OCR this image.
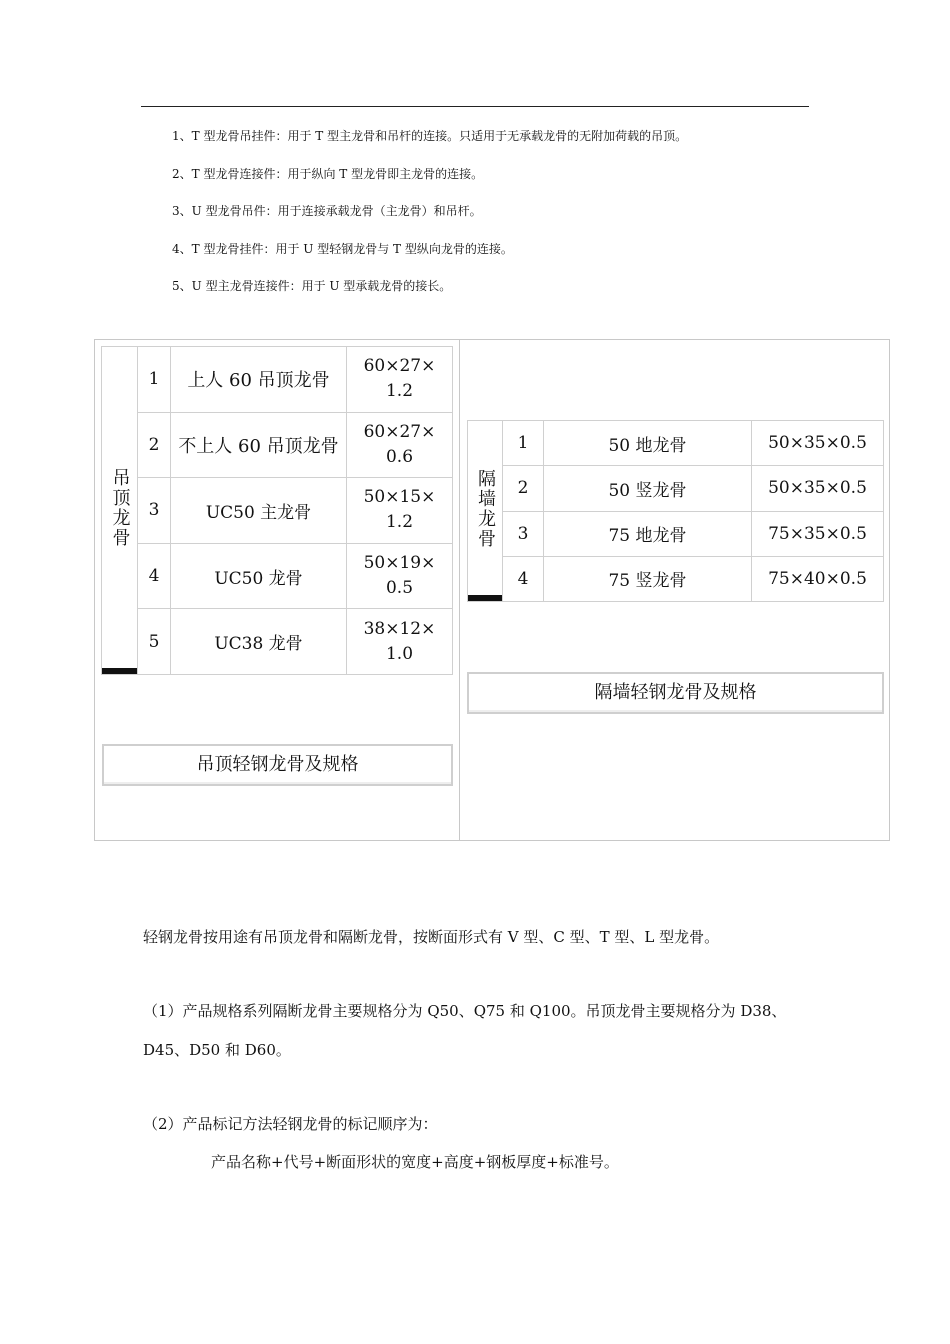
1、T 型龙骨吊挂件：用于 T 型主龙骨和吊杆的连接。只适用于无承载龙骨的无附加荷载的吊顶。
2、T 型龙骨连接件：用于纵向 T 型龙骨即主龙骨的连接。
3、U 型龙骨吊件：用于连接承载龙骨（主龙骨）和吊杆。
4、T 型龙骨挂件：用于 U 型轻钢龙骨与 T 型纵向龙骨的连接。
5、U 型主龙骨连接件：用于 U 型承载龙骨的接长。
吊顶龙骨	1	上人 60 吊顶龙骨	60×27×
1.2

	2	不上人 60 吊顶龙骨	60×27×
0.6

	3	UC50 主龙骨	50×15×
1.2

	4	UC50 龙骨	50×19×
0.5

	5	UC38 龙骨	38×12×
1.0
吊顶轻钢龙骨及规格
隔墙龙骨	1	50 地龙骨	50×35×0.5
	2	50 竖龙骨	50×35×0.5
	3	75 地龙骨	75×35×0.5
	4	75 竖龙骨	75×40×0.5
隔墙轻钢龙骨及规格
轻钢龙骨按用途有吊顶龙骨和隔断龙骨，按断面形式有 V 型、C 型、T 型、L 型龙骨。
（1）产品规格系列隔断龙骨主要规格分为 Q50、Q75 和 Q100。吊顶龙骨主要规格分为 D38、
D45、D50 和 D60。
（2）产品标记方法轻钢龙骨的标记顺序为：
产品名称+代号+断面形状的宽度+高度+钢板厚度+标准号。
